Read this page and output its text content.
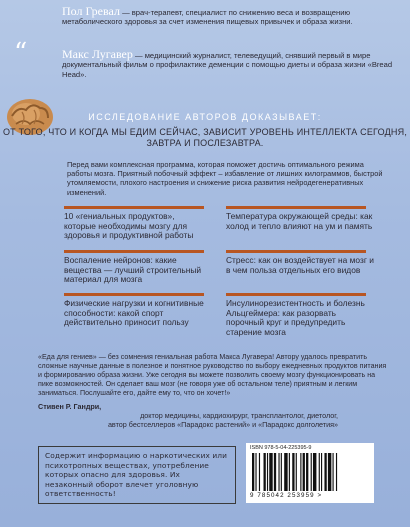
“
Пол Гревал — врач-терапевт, специалист по снижению веса и возвращению метаболического здоровья за счет изменения пищевых привычек и образа жизни.
Макс Лугавер — медицинский журналист, телеведущий, снявший первый в мире документальный фильм о профилактике деменции с помощью диеты и образа жизни «Bread Head».
ИССЛЕДОВАНИЕ АВТОРОВ ДОКАЗЫВАЕТ:
ОТ ТОГО, ЧТО И КОГДА МЫ ЕДИМ СЕЙЧАС, ЗАВИСИТ УРОВЕНЬ ИНТЕЛЛЕКТА СЕГОДНЯ, ЗАВТРА И ПОСЛЕЗАВТРА.
Перед вами комплексная программа, которая поможет достичь оптимального режима работы мозга. Приятный побочный эффект – избавление от лишних килограммов, быстрой утомляемости, плохого настроения и снижение риска развития нейродегенеративных изменений.
10 «гениальных продуктов», которые необходимы мозгу для здоровья и продуктивной работы
Температура окружающей среды: как холод и тепло влияют на ум и память
Воспаление нейронов: какие вещества — лучший строительный материал для мозга
Стресс: как он воздействует на мозг и в чем польза отдельных его видов
Физические нагрузки и когнитивные способности: какой спорт действительно приносит пользу
Инсулинорезистентность и болезнь Альцгеймера: как разорвать порочный круг и предупредить старение мозга
«Еда для гениев» — без сомнения гениальная работа Макса Лугавера! Автору удалось превратить сложные научные данные в полезное и понятное руководство по выбору ежедневных продуктов питания и формированию образа жизни. Уже сегодня вы можете позволить своему мозгу функционировать на пике возможностей. Он сделает ваш мозг (не говоря уже об остальном теле) приятным и легким заниматься. Послушайте его, дайте ему то, что он хочет!»
Стивен Р. Гандри,
доктор медицины, кардиохирург, трансплантолог, диетолог,
автор бестселлеров «Парадокс растений» и «Парадокс долголетия»
Содержит информацию о наркотических или психотропных веществах, употребление которых опасно для здоровья. Их незаконный оборот влечет уголовную ответственность!
ISBN 978-5-04-225395-9
9 785042 253959 >
